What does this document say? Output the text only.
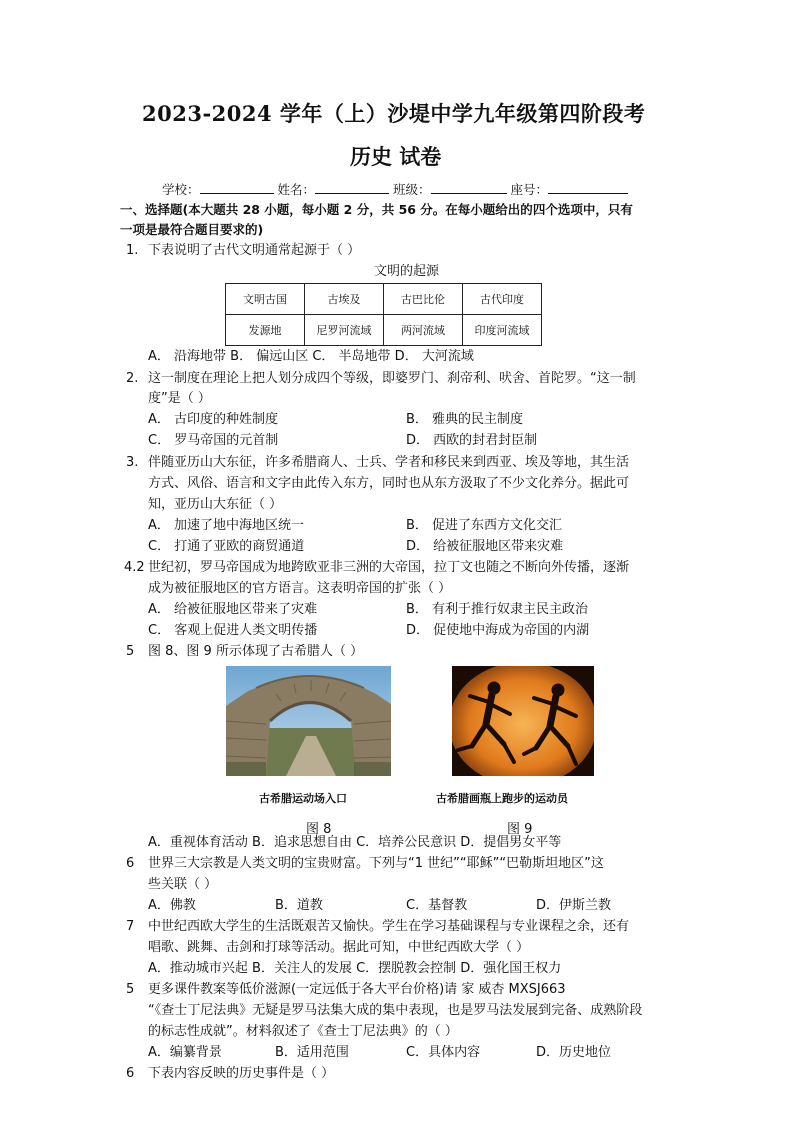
2023-2024 学年（上）沙堤中学九年级第四阶段考
历史 试卷
学校：	姓名：	班级：	座号：
一、选择题(本大题共 28 小题，每小题 2 分，共 56 分。在每小题给出的四个选项中，只有
一项是最符合题目要求的)
1. 下表说明了古代文明通常起源于（ ）
文明的起源
文明古国	古埃及	古巴比伦	古代印度
发源地	尼罗河流域	两河流域	印度河流域
A． 沿海地带 B． 偏远山区 C． 半岛地带 D． 大河流域
2. 这一制度在理论上把人划分成四个等级，即婆罗门、刹帝利、吠舍、首陀罗。“这一制
度”是（ ）
A． 古印度的种姓制度	B． 雅典的民主制度
C． 罗马帝国的元首制	D． 西欧的封君封臣制
3. 伴随亚历山大东征，许多希腊商人、士兵、学者和移民来到西亚、埃及等地，其生活
方式、风俗、语言和文字由此传入东方，同时也从东方汲取了不少文化养分。据此可
知，亚历山大东征（ ）
A． 加速了地中海地区统一	B． 促进了东西方文化交汇
C． 打通了亚欧的商贸通道	D． 给被征服地区带来灾难
4.2 世纪初，罗马帝国成为地跨欧亚非三洲的大帝国，拉丁文也随之不断向外传播，逐渐
成为被征服地区的官方语言。这表明帝国的扩张（ ）
A． 给被征服地区带来了灾难	B． 有利于推行奴隶主民主政治
C． 客观上促进人类文明传播	D． 促使地中海成为帝国的内湖
5 图 8、图 9 所示体现了古希腊人（ ）
古希腊运动场入口	古希腊画瓶上跑步的运动员
图 8	图 9
A．重视体育活动 B．追求思想自由 C．培养公民意识 D．提倡男女平等
6 世界三大宗教是人类文明的宝贵财富。下列与“1 世纪”“耶稣”“巴勒斯坦地区”这
些关联（ ）
A．佛教	B．道教	C．基督教	D．伊斯兰教
7 中世纪西欧大学生的生活既艰苦又愉快。学生在学习基础课程与专业课程之余，还有
唱歌、跳舞、击剑和打球等活动。据此可知，中世纪西欧大学（ ）
A．推动城市兴起 B．关注人的发展 C．摆脱教会控制 D．强化国王权力
5 更多课件教案等低价滋源(一定远低于各大平台价格)请 家 威杏 MXSJ663
“《查士丁尼法典》无疑是罗马法集大成的集中表现，也是罗马法发展到完备、成熟阶段
的标志性成就”。材料叙述了《查士丁尼法典》的（ ）
A．编纂背景	B．适用范围	C．具体内容	D．历史地位
6 下表内容反映的历史事件是（ ）
